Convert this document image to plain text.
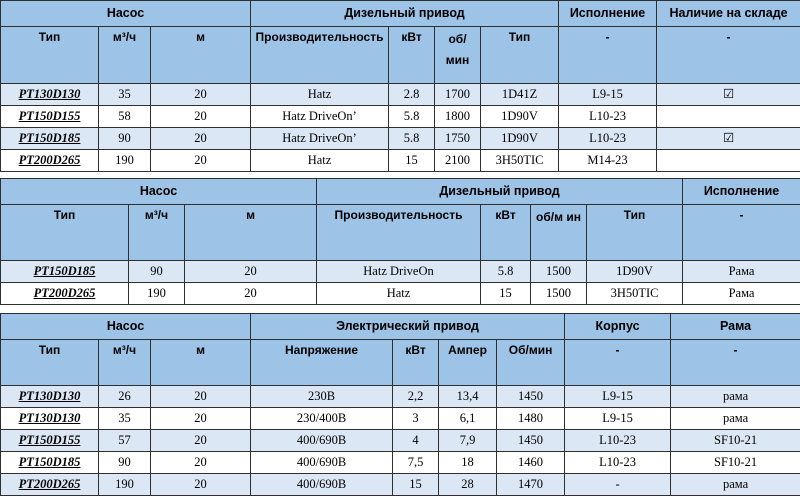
Насос			Дизельный привод				Исполнение	Наличие на складе
Тип	м³/ч	м	Производительность	кВт	об/ мин	Тип	-	-
PT130D130	35	20	Hatz	2.8	1700	1D41Z	L9-15	☑
PT150D155	58	20	Hatz DriveOn’	5.8	1800	1D90V	L10-23	
PT150D185	90	20	Hatz DriveOn’	5.8	1750	1D90V	L10-23	☑
PT200D265	190	20	Hatz	15	2100	3H50TIC	M14-23	
Насос			Дизельный привод				Исполнение
Тип	м³/ч	м	Производительность	кВт	об/м ин	Тип	-
PT150D185	90	20	Hatz DriveOn	5.8	1500	1D90V	Рама
PT200D265	190	20	Hatz	15	1500	3H50TIC	Рама
Насос			Электрический привод				Корпус	Рама
Тип	м³/ч	м	Напряжение	кВт	Ампер	Об/мин	-	-
PT130D130	26	20	230В	2,2	13,4	1450	L9-15	рама
PT130D130	35	20	230/400В	3	6,1	1480	L9-15	рама
PT150D155	57	20	400/690В	4	7,9	1450	L10-23	SF10-21
PT150D185	90	20	400/690В	7,5	18	1460	L10-23	SF10-21
PT200D265	190	20	400/690В	15	28	1470	-	рама
